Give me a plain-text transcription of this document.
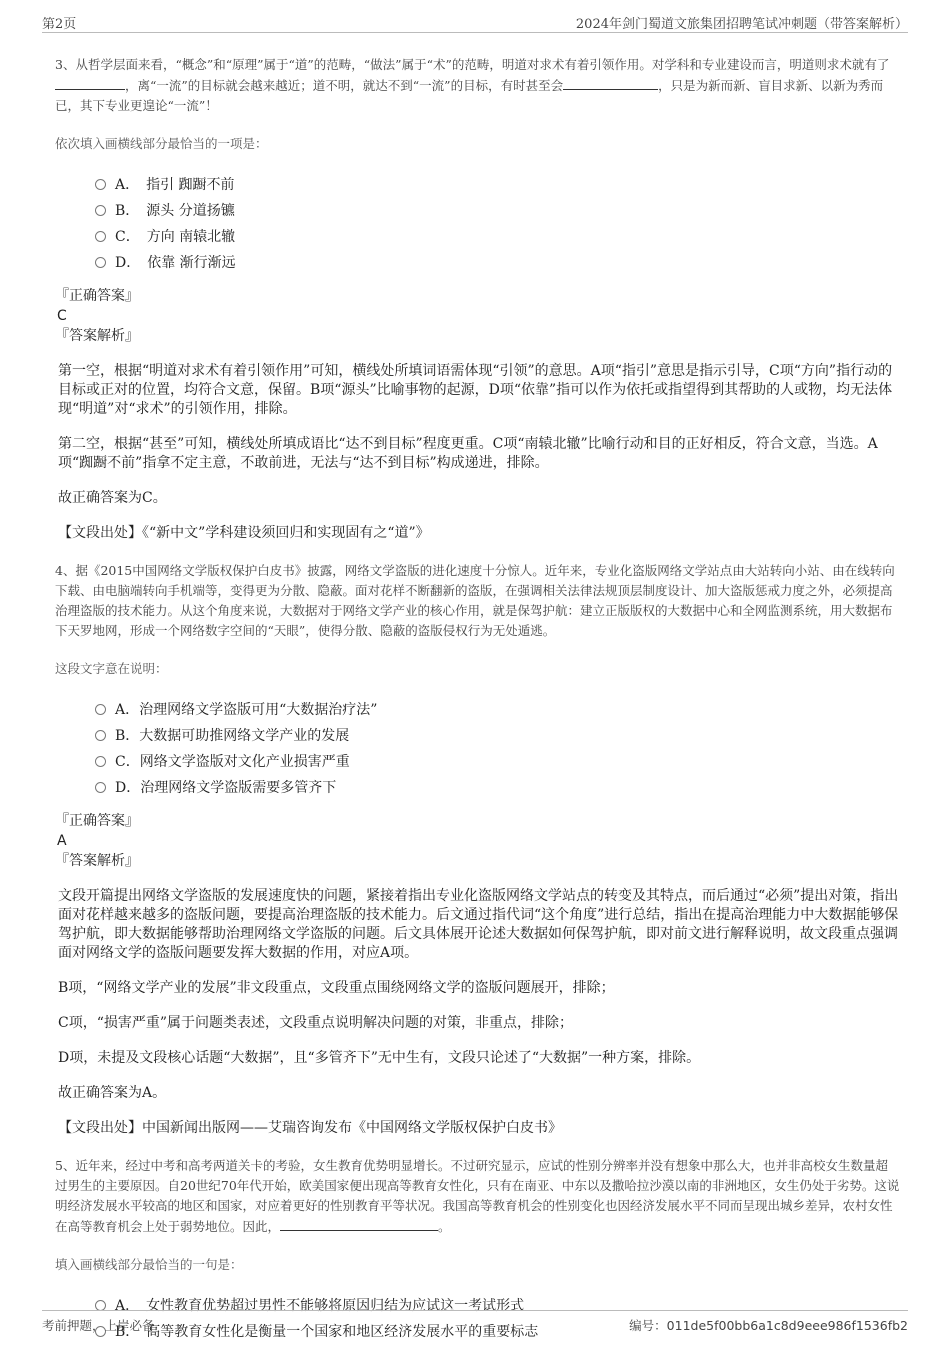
第2页	2024年剑门蜀道文旅集团招聘笔试冲刺题（带答案解析）

3、从哲学层面来看，“概念”和“原理”属于“道”的范畴，“做法”属于“术”的范畴，明道对求术有着引领作用。对学科和专业建设而言，明道则求术就有了，离“一流”的目标就会越来越近；道不明，就达不到“一流”的目标，有时甚至会	，只是为新而新、盲目求新、以新为秀而已，其下专业更遑论“一流”！

依次填入画横线部分最恰当的一项是：

A．　指引 踟蹰不前
B．　源头 分道扬镳
C．　方向 南辕北辙
D．　依靠 渐行渐远

『正确答案』

C

『答案解析』

第一空，根据“明道对求术有着引领作用”可知，横线处所填词语需体现“引领”的意思。A项“指引”意思是指示引导，C项“方向”指行动的目标或正对的位置，均符合文意，保留。B项“源头”比喻事物的起源，D项“依靠”指可以作为依托或指望得到其帮助的人或物，均无法体现“明道”对“求术”的引领作用，排除。

第二空，根据“甚至”可知，横线处所填成语比“达不到目标”程度更重。C项“南辕北辙”比喻行动和目的正好相反，符合文意，当选。A项“踟蹰不前”指拿不定主意，不敢前进，无法与“达不到目标”构成递进，排除。

故正确答案为C。

【文段出处】《“新中文”学科建设须回归和实现固有之“道”》

4、据《2015中国网络文学版权保护白皮书》披露，网络文学盗版的进化速度十分惊人。近年来，专业化盗版网络文学站点由大站转向小站、由在线转向下载、由电脑端转向手机端等，变得更为分散、隐蔽。面对花样不断翻新的盗版，在强调相关法律法规顶层制度设计、加大盗版惩戒力度之外，必须提高治理盗版的技术能力。从这个角度来说，大数据对于网络文学产业的核心作用，就是保驾护航：建立正版版权的大数据中心和全网监测系统，用大数据布下天罗地网，形成一个网络数字空间的“天眼”，使得分散、隐蔽的盗版侵权行为无处遁逃。

这段文字意在说明：

A．治理网络文学盗版可用“大数据治疗法”
B．大数据可助推网络文学产业的发展
C．网络文学盗版对文化产业损害严重
D．治理网络文学盗版需要多管齐下

『正确答案』

A

『答案解析』

文段开篇提出网络文学盗版的发展速度快的问题，紧接着指出专业化盗版网络文学站点的转变及其特点，而后通过“必须”提出对策，指出面对花样越来越多的盗版问题，要提高治理盗版的技术能力。后文通过指代词“这个角度”进行总结，指出在提高治理能力中大数据能够保驾护航，即大数据能够帮助治理网络文学盗版的问题。后文具体展开论述大数据如何保驾护航，即对前文进行解释说明，故文段重点强调面对网络文学的盗版问题要发挥大数据的作用，对应A项。

B项，“网络文学产业的发展”非文段重点，文段重点围绕网络文学的盗版问题展开，排除；

C项，“损害严重”属于问题类表述，文段重点说明解决问题的对策，非重点，排除；

D项，未提及文段核心话题“大数据”，且“多管齐下”无中生有，文段只论述了“大数据”一种方案，排除。

故正确答案为A。

【文段出处】中国新闻出版网——艾瑞咨询发布《中国网络文学版权保护白皮书》

5、近年来，经过中考和高考两道关卡的考验，女生教育优势明显增长。不过研究显示，应试的性别分辨率并没有想象中那么大，也并非高校女生数量超过男生的主要原因。自20世纪70年代开始，欧美国家便出现高等教育女性化，只有在南亚、中东以及撒哈拉沙漠以南的非洲地区，女生仍处于劣势。这说明经济发展水平较高的地区和国家，对应着更好的性别教育平等状况。我国高等教育机会的性别变化也因经济发展水平不同而呈现出城乡差异，农村女性在高等教育机会上处于弱势地位。因此，	。

填入画横线部分最恰当的一句是：

A．　女性教育优势超过男性不能够将原因归结为应试这一考试形式
B．　高等教育女性化是衡量一个国家和地区经济发展水平的重要标志
考前押题，上岸必备	编号：011de5f00bb6a1c8d9eee986f1536fb2
